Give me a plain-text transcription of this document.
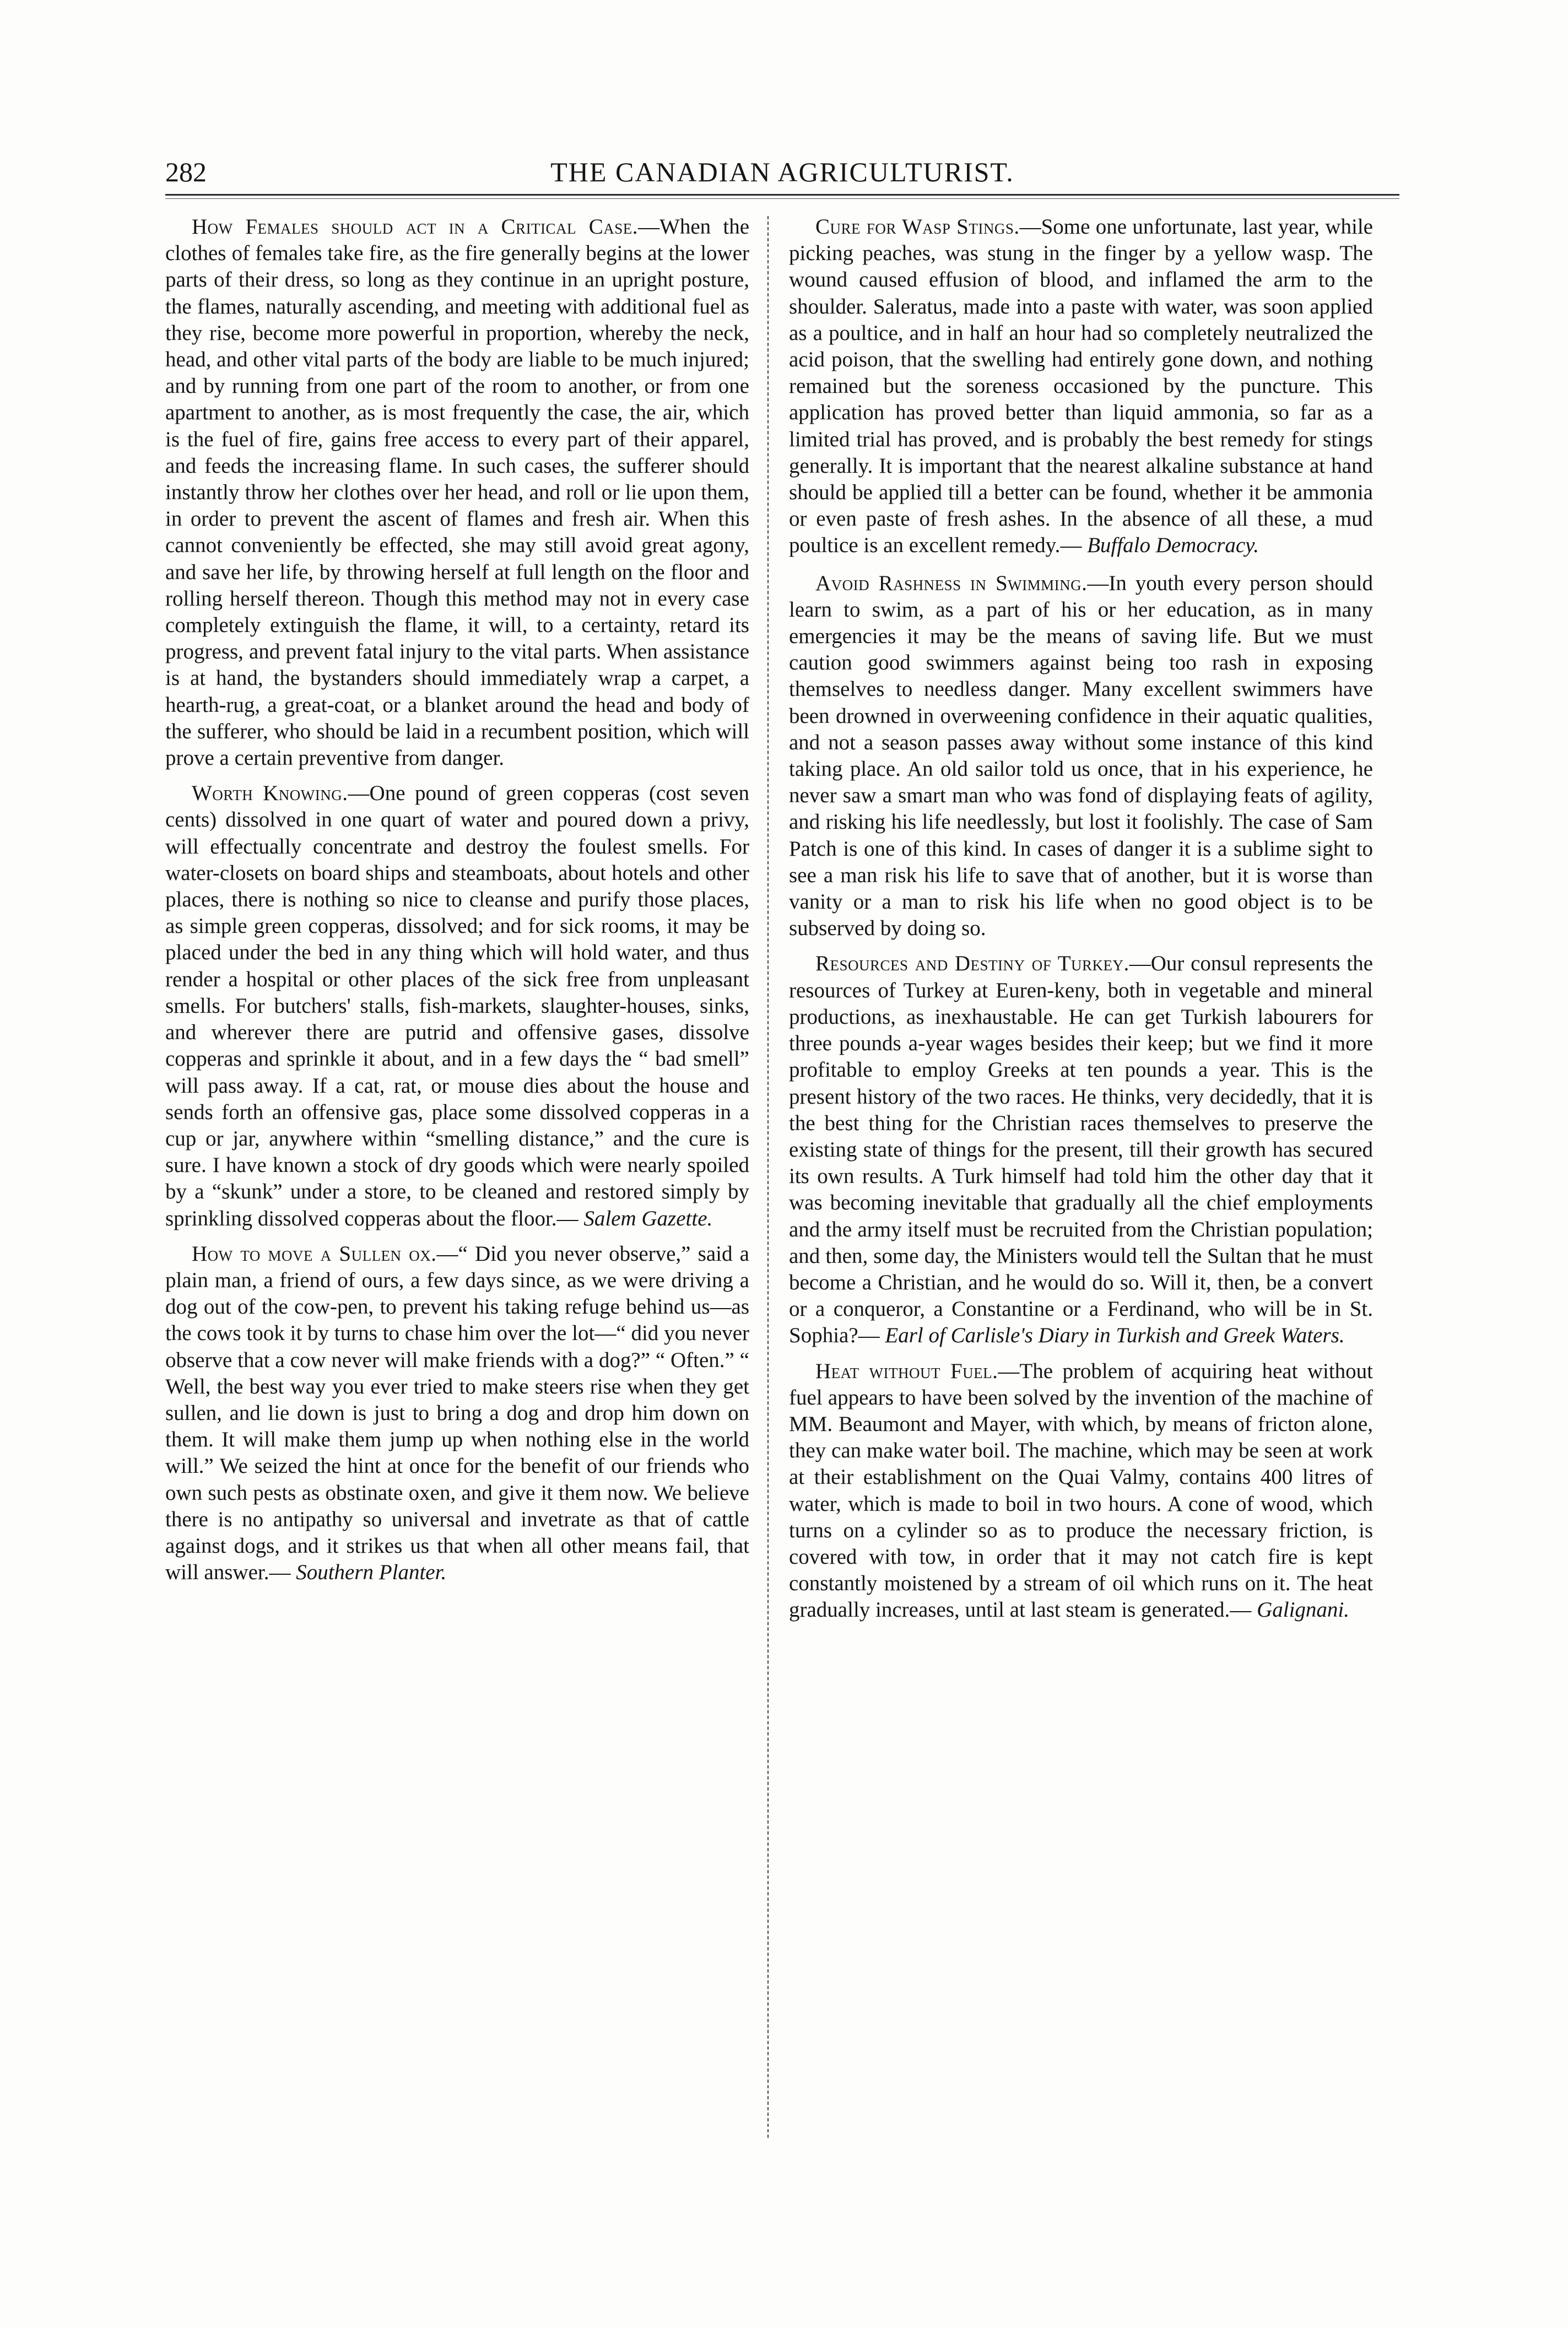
282	THE CANADIAN AGRICULTURIST.

How Females should act in a Critical Case.—When the clothes of females take fire, as the fire generally begins at the lower parts of their dress, so long as they continue in an upright posture, the flames, naturally ascending, and meeting with additional fuel as they rise, become more powerful in proportion, whereby the neck, head, and other vital parts of the body are liable to be much injured; and by running from one part of the room to another, or from one apartment to another, as is most frequently the case, the air, which is the fuel of fire, gains free access to every part of their apparel, and feeds the increasing flame. In such cases, the sufferer should instantly throw her clothes over her head, and roll or lie upon them, in order to prevent the ascent of flames and fresh air. When this cannot conveniently be effected, she may still avoid great agony, and save her life, by throwing herself at full length on the floor and rolling herself thereon. Though this method may not in every case completely extinguish the flame, it will, to a certainty, retard its progress, and prevent fatal injury to the vital parts. When assistance is at hand, the bystanders should immediately wrap a carpet, a hearth-rug, a great-coat, or a blanket around the head and body of the sufferer, who should be laid in a recumbent position, which will prove a certain preventive from danger.

Worth Knowing.—One pound of green copperas (cost seven cents) dissolved in one quart of water and poured down a privy, will effectually concentrate and destroy the foulest smells. For water-closets on board ships and steamboats, about hotels and other places, there is nothing so nice to cleanse and purify those places, as simple green copperas, dissolved; and for sick rooms, it may be placed under the bed in any thing which will hold water, and thus render a hospital or other places of the sick free from unpleasant smells. For butchers' stalls, fish-markets, slaughter-houses, sinks, and wherever there are putrid and offensive gases, dissolve copperas and sprinkle it about, and in a few days the “ bad smell” will pass away. If a cat, rat, or mouse dies about the house and sends forth an offensive gas, place some dissolved copperas in a cup or jar, anywhere within “smelling distance,” and the cure is sure. I have known a stock of dry goods which were nearly spoiled by a “skunk” under a store, to be cleaned and restored simply by sprinkling dissolved copperas about the floor.— Salem Gazette.

How to move a Sullen ox.—“ Did you never observe,” said a plain man, a friend of ours, a few days since, as we were driving a dog out of the cow-pen, to prevent his taking refuge behind us—as the cows took it by turns to chase him over the lot—“ did you never observe that a cow never will make friends with a dog?” “ Often.” “ Well, the best way you ever tried to make steers rise when they get sullen, and lie down is just to bring a dog and drop him down on them. It will make them jump up when nothing else in the world will.” We seized the hint at once for the benefit of our friends who own such pests as obstinate oxen, and give it them now. We believe there is no antipathy so universal and invetrate as that of cattle against dogs, and it strikes us that when all other means fail, that will answer.— Southern Planter.

Cure for Wasp Stings.—Some one unfortunate, last year, while picking peaches, was stung in the finger by a yellow wasp. The wound caused effusion of blood, and inflamed the arm to the shoulder. Saleratus, made into a paste with water, was soon applied as a poultice, and in half an hour had so completely neutralized the acid poison, that the swelling had entirely gone down, and nothing remained but the soreness occasioned by the puncture. This application has proved better than liquid ammonia, so far as a limited trial has proved, and is probably the best remedy for stings generally. It is important that the nearest alkaline substance at hand should be applied till a better can be found, whether it be ammonia or even paste of fresh ashes. In the absence of all these, a mud poultice is an excellent remedy.— Buffalo Democracy.

Avoid Rashness in Swimming.—In youth every person should learn to swim, as a part of his or her education, as in many emergencies it may be the means of saving life. But we must caution good swimmers against being too rash in exposing themselves to needless danger. Many excellent swimmers have been drowned in overweening confidence in their aquatic qualities, and not a season passes away without some instance of this kind taking place. An old sailor told us once, that in his experience, he never saw a smart man who was fond of displaying feats of agility, and risking his life needlessly, but lost it foolishly. The case of Sam Patch is one of this kind. In cases of danger it is a sublime sight to see a man risk his life to save that of another, but it is worse than vanity or a man to risk his life when no good object is to be subserved by doing so.

Resources and Destiny of Turkey.—Our consul represents the resources of Turkey at Euren-keny, both in vegetable and mineral productions, as inexhaustable. He can get Turkish labourers for three pounds a-year wages besides their keep; but we find it more profitable to employ Greeks at ten pounds a year. This is the present history of the two races. He thinks, very decidedly, that it is the best thing for the Christian races themselves to preserve the existing state of things for the present, till their growth has secured its own results. A Turk himself had told him the other day that it was becoming inevitable that gradually all the chief employments and the army itself must be recruited from the Christian population; and then, some day, the Ministers would tell the Sultan that he must become a Christian, and he would do so. Will it, then, be a convert or a conqueror, a Constantine or a Ferdinand, who will be in St. Sophia?— Earl of Carlisle's Diary in Turkish and Greek Waters.

Heat without Fuel.—The problem of acquiring heat without fuel appears to have been solved by the invention of the machine of MM. Beaumont and Mayer, with which, by means of fricton alone, they can make water boil. The machine, which may be seen at work at their establishment on the Quai Valmy, contains 400 litres of water, which is made to boil in two hours. A cone of wood, which turns on a cylinder so as to produce the necessary friction, is covered with tow, in order that it may not catch fire is kept constantly moistened by a stream of oil which runs on it. The heat gradually increases, until at last steam is generated.— Galignani.
